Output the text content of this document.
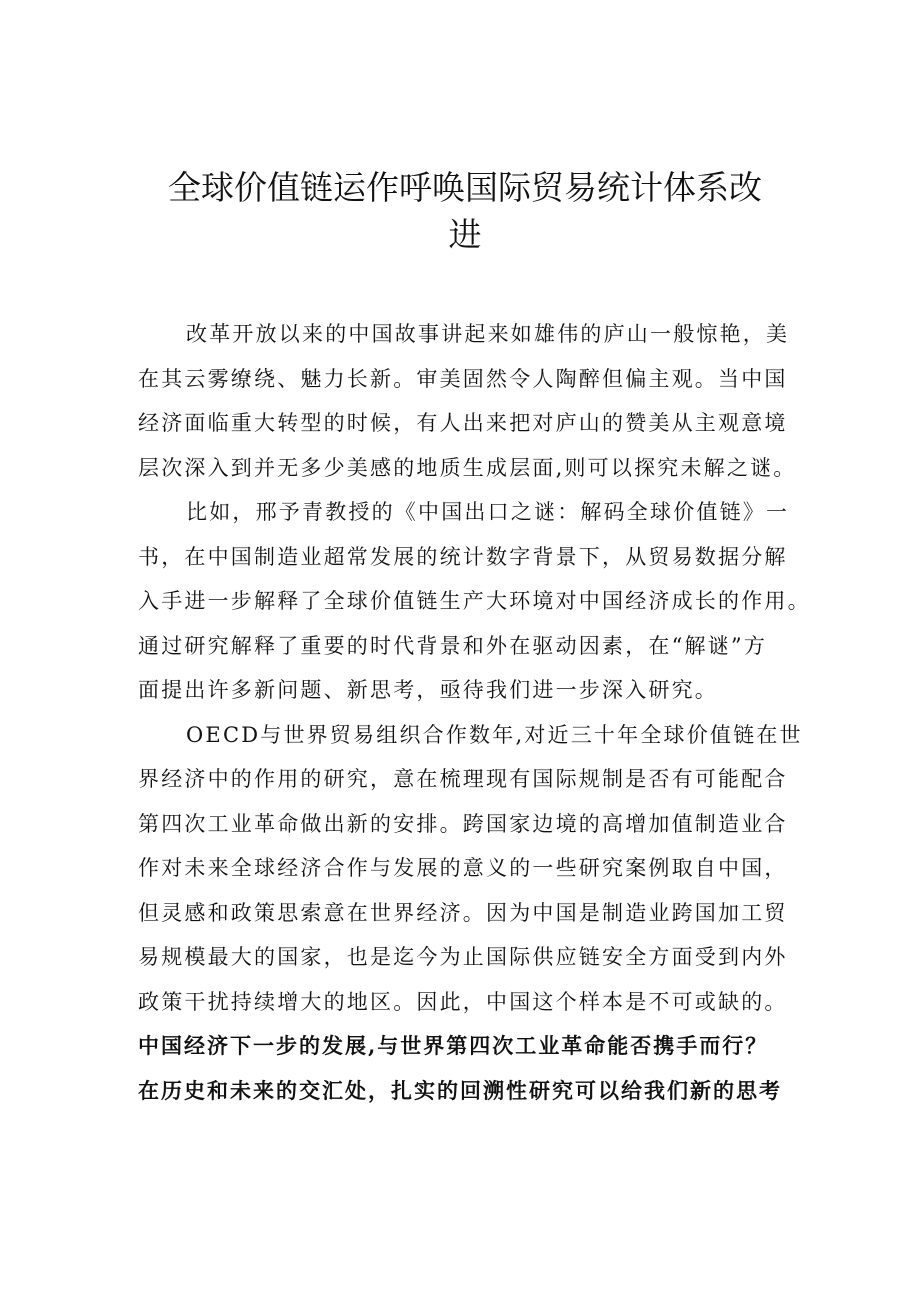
全球价值链运作呼唤国际贸易统计体系改
进
改革开放以来的中国故事讲起来如雄伟的庐山一般惊艳，美
在其云雾缭绕、魅力长新。审美固然令人陶醉但偏主观。当中国
经济面临重大转型的时候，有人出来把对庐山的赞美从主观意境
层次深入到并无多少美感的地质生成层面,则可以探究未解之谜。
比如，邢予青教授的《中国出口之谜：解码全球价值链》一
书，在中国制造业超常发展的统计数字背景下，从贸易数据分解
入手进一步解释了全球价值链生产大环境对中国经济成长的作用。
通过研究解释了重要的时代背景和外在驱动因素，在“解谜”方
面提出许多新问题、新思考，亟待我们进一步深入研究。
OECD与世界贸易组织合作数年,对近三十年全球价值链在世
界经济中的作用的研究，意在梳理现有国际规制是否有可能配合
第四次工业革命做出新的安排。跨国家边境的高增加值制造业合
作对未来全球经济合作与发展的意义的一些研究案例取自中国，
但灵感和政策思索意在世界经济。因为中国是制造业跨国加工贸
易规模最大的国家，也是迄今为止国际供应链安全方面受到内外
政策干扰持续增大的地区。因此，中国这个样本是不可或缺的。
中国经济下一步的发展,与世界第四次工业革命能否携手而行？
在历史和未来的交汇处，扎实的回溯性研究可以给我们新的思考
